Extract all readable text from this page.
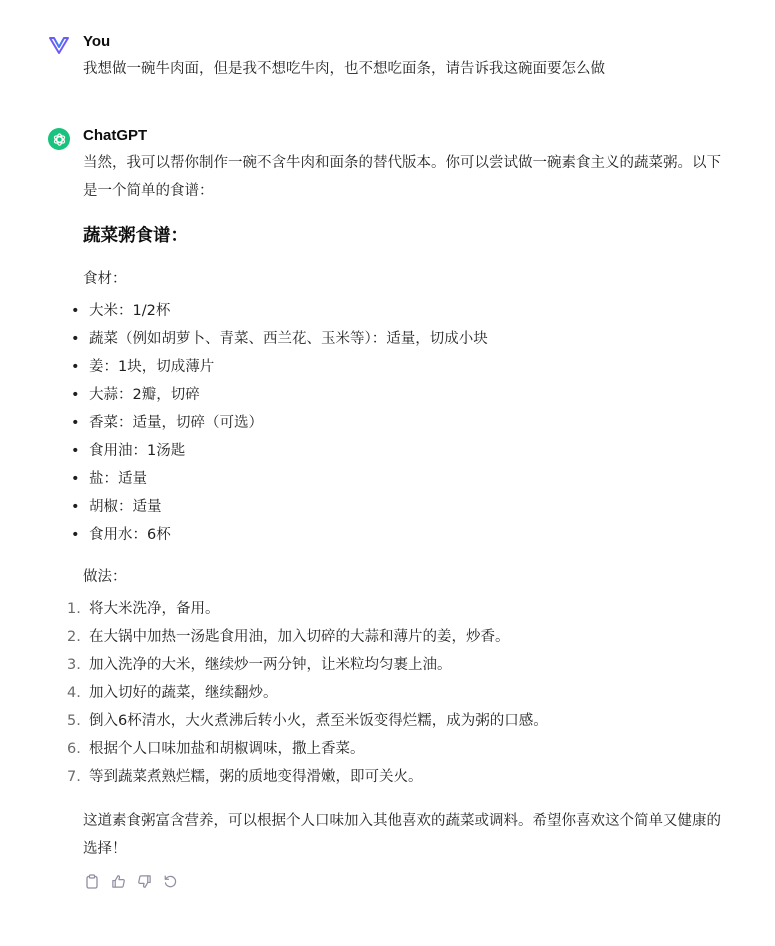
You
我想做一碗牛肉面，但是我不想吃牛肉，也不想吃面条，请告诉我这碗面要怎么做
ChatGPT

当然，我可以帮你制作一碗不含牛肉和面条的替代版本。你可以尝试做一碗素食主义的蔬菜粥。以下是一个简单的食谱：

蔬菜粥食谱：

食材：

• 大米：1/2杯
• 蔬菜（例如胡萝卜、青菜、西兰花、玉米等）：适量，切成小块
• 姜：1块，切成薄片
• 大蒜：2瓣，切碎
• 香菜：适量，切碎（可选）
• 食用油：1汤匙
• 盐：适量
• 胡椒：适量
• 食用水：6杯

做法：

1. 将大米洗净，备用。
2. 在大锅中加热一汤匙食用油，加入切碎的大蒜和薄片的姜，炒香。
3. 加入洗净的大米，继续炒一两分钟，让米粒均匀裹上油。
4. 加入切好的蔬菜，继续翻炒。
5. 倒入6杯清水，大火煮沸后转小火，煮至米饭变得烂糯，成为粥的口感。
6. 根据个人口味加盐和胡椒调味，撒上香菜。
7. 等到蔬菜煮熟烂糯，粥的质地变得滑嫩，即可关火。

这道素食粥富含营养，可以根据个人口味加入其他喜欢的蔬菜或调料。希望你喜欢这个简单又健康的选择！
